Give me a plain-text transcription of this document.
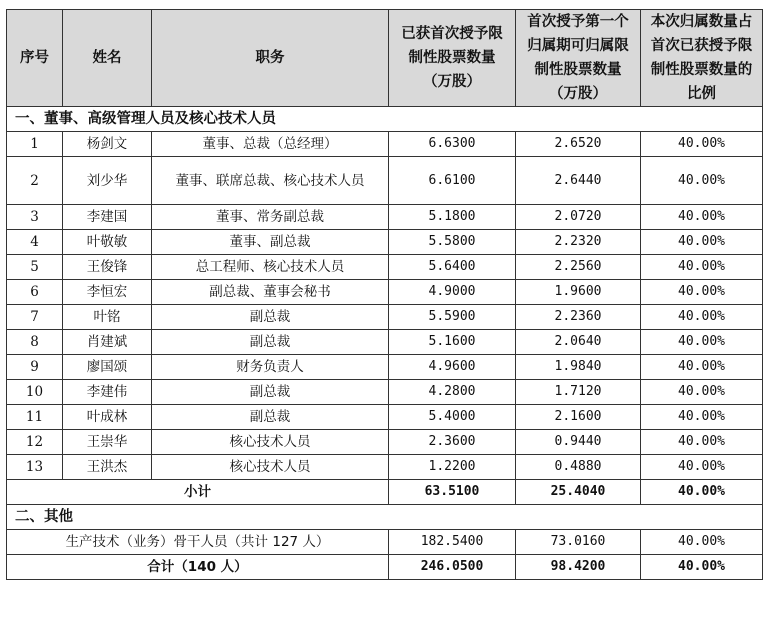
序号	姓名	职务	已获首次授予限制性股票数量（万股）	首次授予第一个归属期可归属限制性股票数量（万股）	本次归属数量占首次已获授予限制性股票数量的比例
一、董事、高级管理人员及核心技术人员					
1	杨剑文	董事、总裁（总经理）	6.6300	2.6520	40.00%
2	刘少华	董事、联席总裁、核心技术人员	6.6100	2.6440	40.00%
3	李建国	董事、常务副总裁	5.1800	2.0720	40.00%
4	叶敬敏	董事、副总裁	5.5800	2.2320	40.00%
5	王俊锋	总工程师、核心技术人员	5.6400	2.2560	40.00%
6	李恒宏	副总裁、董事会秘书	4.9000	1.9600	40.00%
7	叶铭	副总裁	5.5900	2.2360	40.00%
8	肖建斌	副总裁	5.1600	2.0640	40.00%
9	廖国颂	财务负责人	4.9600	1.9840	40.00%
10	李建伟	副总裁	4.2800	1.7120	40.00%
11	叶成林	副总裁	5.4000	2.1600	40.00%
12	王崇华	核心技术人员	2.3600	0.9440	40.00%
13	王洪杰	核心技术人员	1.2200	0.4880	40.00%
小计			63.5100	25.4040	40.00%
二、其他					
生产技术（业务）骨干人员（共计 127 人）			182.5400	73.0160	40.00%
合计（140 人）			246.0500	98.4200	40.00%
